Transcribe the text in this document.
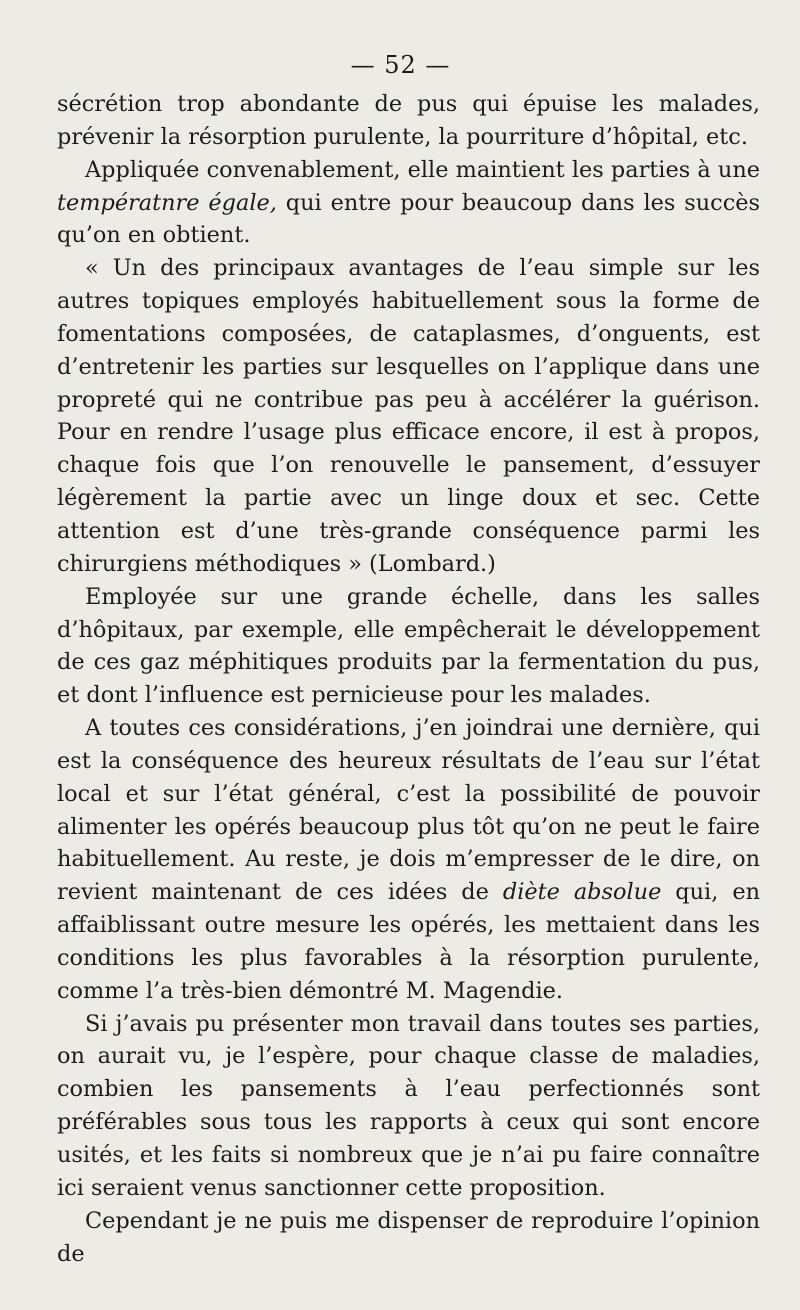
— 52 —

sécrétion trop abondante de pus qui épuise les malades, prévenir la résorption purulente, la pourriture d’hôpital, etc.

Appliquée convenablement, elle maintient les parties à une températnre égale, qui entre pour beaucoup dans les succès qu’on en obtient.

« Un des principaux avantages de l’eau simple sur les autres topiques employés habituellement sous la forme de fomentations composées, de cataplasmes, d’onguents, est d’entretenir les parties sur lesquelles on l’applique dans une propreté qui ne contribue pas peu à accélérer la guérison. Pour en rendre l’usage plus efficace encore, il est à propos, chaque fois que l’on renouvelle le pansement, d’essuyer légèrement la partie avec un linge doux et sec. Cette attention est d’une très-grande conséquence parmi les chirurgiens méthodiques » (Lombard.)

Employée sur une grande échelle, dans les salles d’hôpitaux, par exemple, elle empêcherait le développement de ces gaz méphitiques produits par la fermentation du pus, et dont l’influence est pernicieuse pour les malades.

A toutes ces considérations, j’en joindrai une dernière, qui est la conséquence des heureux résultats de l’eau sur l’état local et sur l’état général, c’est la possibilité de pouvoir alimenter les opérés beaucoup plus tôt qu’on ne peut le faire habituellement. Au reste, je dois m’empresser de le dire, on revient maintenant de ces idées de diète absolue qui, en affaiblissant outre mesure les opérés, les mettaient dans les conditions les plus favorables à la résorption purulente, comme l’a très-bien démontré M. Magendie.

Si j’avais pu présenter mon travail dans toutes ses parties, on aurait vu, je l’espère, pour chaque classe de maladies, combien les pansements à l’eau perfectionnés sont préférables sous tous les rapports à ceux qui sont encore usités, et les faits si nombreux que je n’ai pu faire connaître ici seraient venus sanctionner cette proposition.

Cependant je ne puis me dispenser de reproduire l’opinion de
